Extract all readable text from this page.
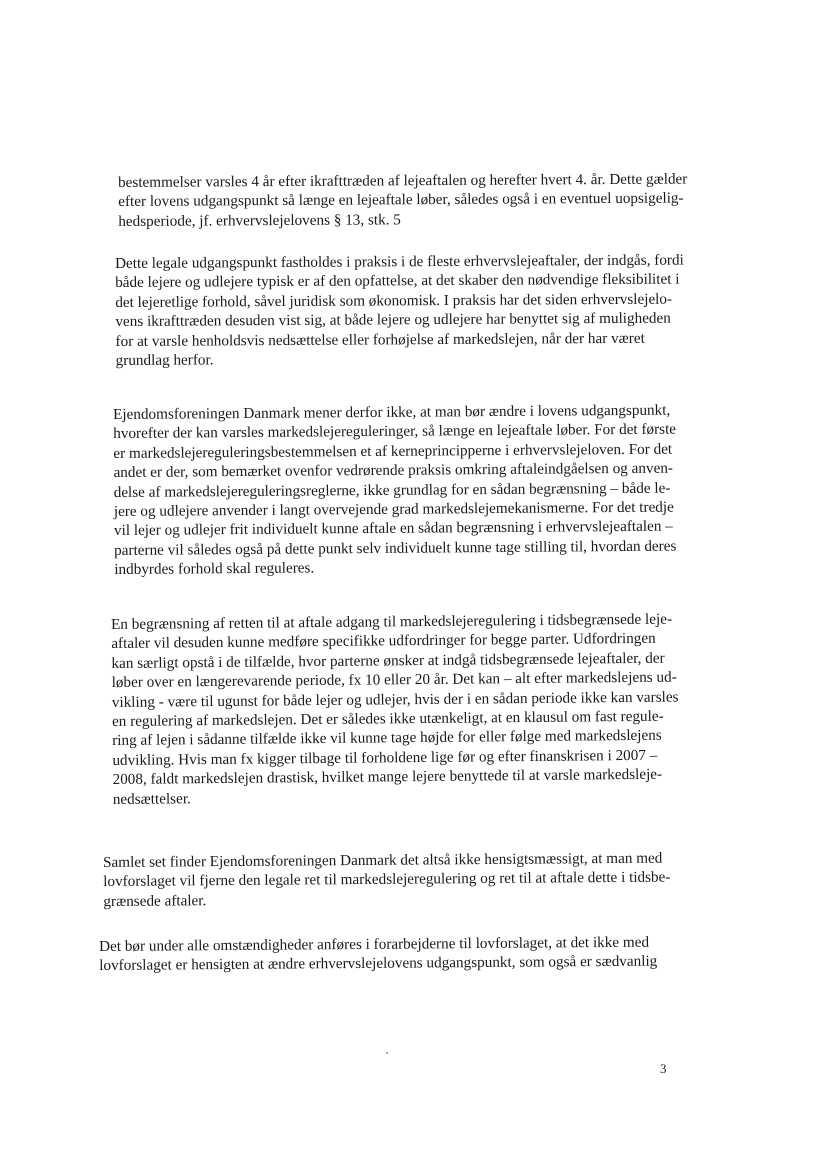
bestemmelser varsles 4 år efter ikrafttræden af lejeaftalen og herefter hvert 4. år. Dette gælder
efter lovens udgangspunkt så længe en lejeaftale løber, således også i en eventuel uopsigelig-
hedsperiode, jf. erhvervslejelovens § 13, stk. 5
Dette legale udgangspunkt fastholdes i praksis i de fleste erhvervslejeaftaler, der indgås, fordi
både lejere og udlejere typisk er af den opfattelse, at det skaber den nødvendige fleksibilitet i
det lejeretlige forhold, såvel juridisk som økonomisk. I praksis har det siden erhvervslejelo-
vens ikrafttræden desuden vist sig, at både lejere og udlejere har benyttet sig af muligheden
for at varsle henholdsvis nedsættelse eller forhøjelse af markedslejen, når der har været
grundlag herfor.
Ejendomsforeningen Danmark mener derfor ikke, at man bør ændre i lovens udgangspunkt,
hvorefter der kan varsles markedslejereguleringer, så længe en lejeaftale løber. For det første
er markedslejereguleringsbestemmelsen et af kerneprincipperne i erhvervslejeloven. For det
andet er der, som bemærket ovenfor vedrørende praksis omkring aftaleindgåelsen og anven-
delse af markedslejereguleringsreglerne, ikke grundlag for en sådan begrænsning – både le-
jere og udlejere anvender i langt overvejende grad markedslejemekanismerne. For det tredje
vil lejer og udlejer frit individuelt kunne aftale en sådan begrænsning i erhvervslejeaftalen –
parterne vil således også på dette punkt selv individuelt kunne tage stilling til, hvordan deres
indbyrdes forhold skal reguleres.
En begrænsning af retten til at aftale adgang til markedslejeregulering i tidsbegrænsede leje-
aftaler vil desuden kunne medføre specifikke udfordringer for begge parter. Udfordringen
kan særligt opstå i de tilfælde, hvor parterne ønsker at indgå tidsbegrænsede lejeaftaler, der
løber over en længerevarende periode, fx 10 eller 20 år. Det kan – alt efter markedslejens ud-
vikling - være til ugunst for både lejer og udlejer, hvis der i en sådan periode ikke kan varsles
en regulering af markedslejen. Det er således ikke utænkeligt, at en klausul om fast regule-
ring af lejen i sådanne tilfælde ikke vil kunne tage højde for eller følge med markedslejens
udvikling. Hvis man fx kigger tilbage til forholdene lige før og efter finanskrisen i 2007 –
2008, faldt markedslejen drastisk, hvilket mange lejere benyttede til at varsle markedsleje-
nedsættelser.
Samlet set finder Ejendomsforeningen Danmark det altså ikke hensigtsmæssigt, at man med
lovforslaget vil fjerne den legale ret til markedslejeregulering og ret til at aftale dette i tidsbe-
grænsede aftaler.
Det bør under alle omstændigheder anføres i forarbejderne til lovforslaget, at det ikke med
lovforslaget er hensigten at ændre erhvervslejelovens udgangspunkt, som også er sædvanlig
3
